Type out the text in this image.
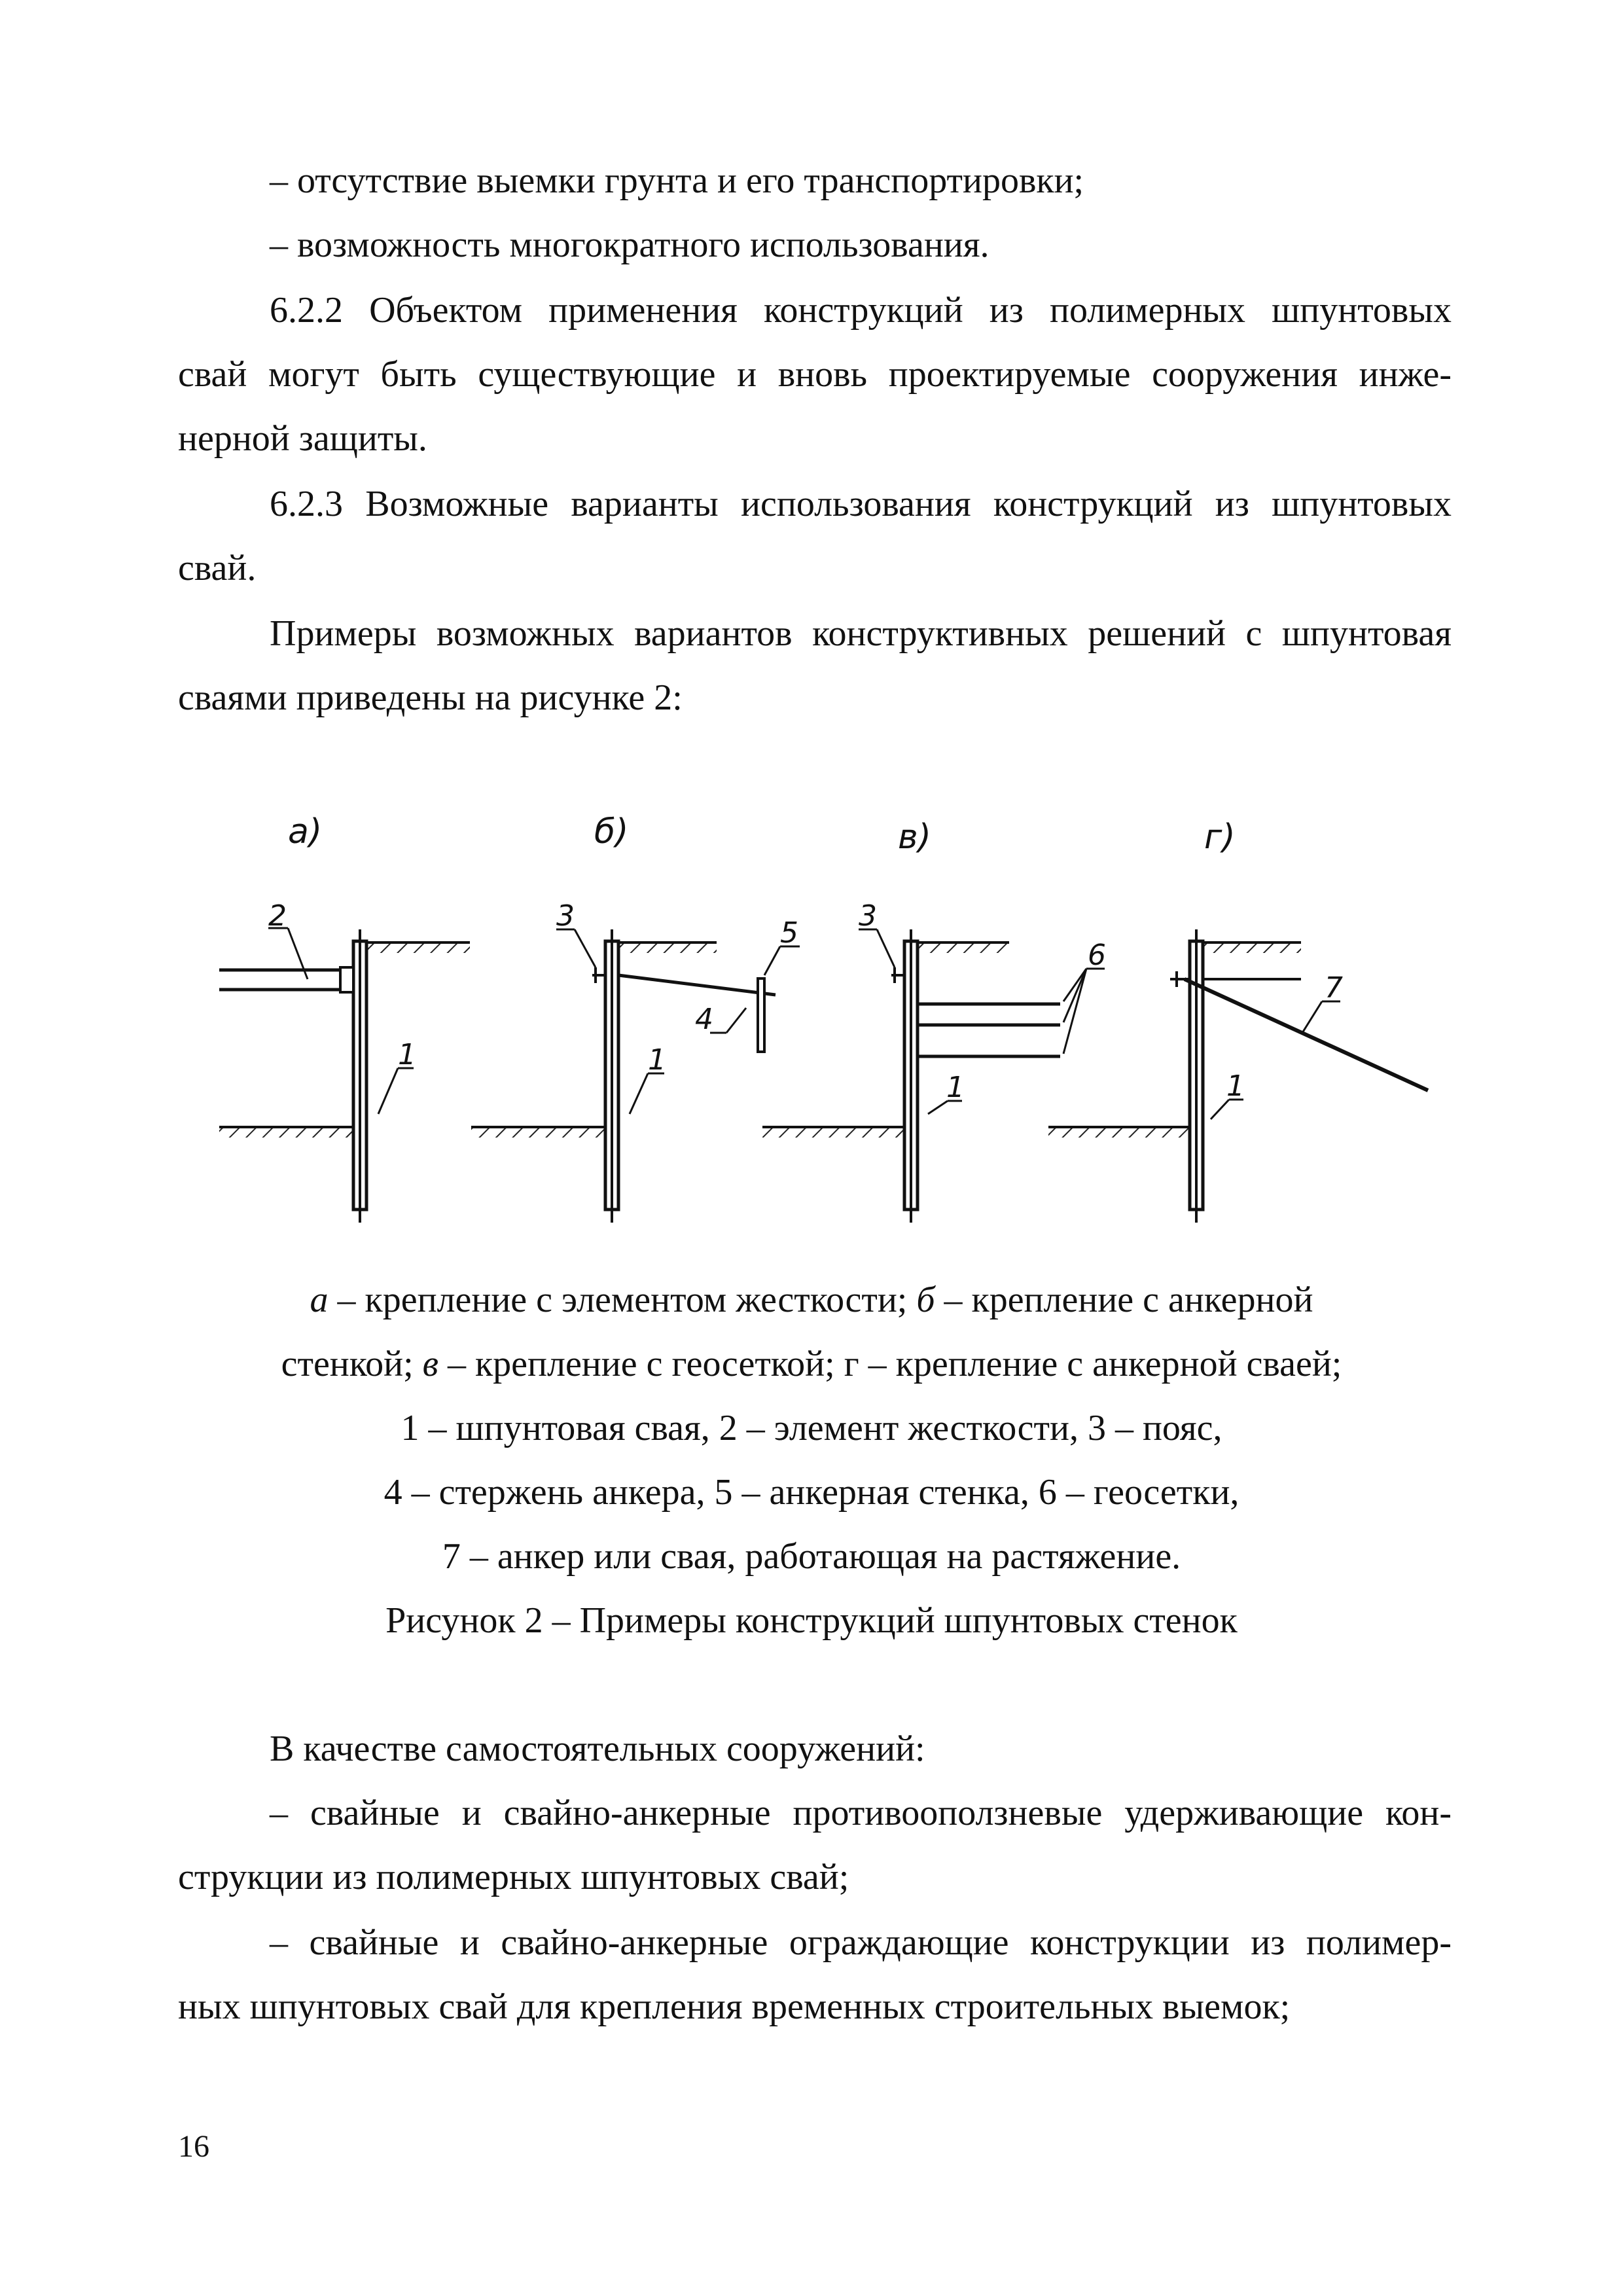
– отсутствие выемки грунта и его транспортировки;
– возможность многократного использования.
6.2.2 Объектом применения конструкций из полимерных шпунтовых
свай могут быть существующие и вновь проектируемые сооружения инже-
нерной защиты.
6.2.3 Возможные варианты использования конструкций из шпунтовых
свай.
Примеры возможных вариантов конструктивных решений с шпунтовая
сваями приведены на рисунке 2:
а)	б)	в)	г)
2
1
3
4
5
1
3
6
1
7
1
а – крепление с элементом жесткости; б – крепление с анкерной
стенкой; в – крепление с геосеткой; г – крепление с анкерной сваей;
1 – шпунтовая свая, 2 – элемент жесткости, 3 – пояс,
4 – стержень анкера, 5 – анкерная стенка, 6 – геосетки,
7 – анкер или свая, работающая на растяжение.
Рисунок 2 – Примеры конструкций шпунтовых стенок
В качестве самостоятельных сооружений:
– свайные и свайно-анкерные противооползневые удерживающие кон-
струкции из полимерных шпунтовых свай;
– свайные и свайно-анкерные ограждающие конструкции из полимер-
ных шпунтовых свай для крепления временных строительных выемок;
16
